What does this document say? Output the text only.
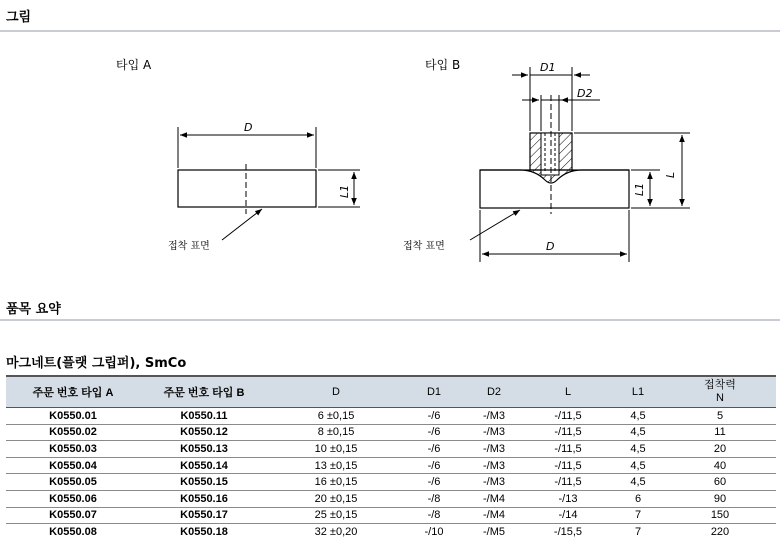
그림
타입 A	타입 B
D
L1
접착 표면
D1
D2
L
L1
D
접착 표면
품목 요약
마그네트(플랫 그립퍼), SmCo
주문 번호 타입 A	주문 번호 타입 B	D	D1	D2	L	L1	접착력
N

K0550.01	K0550.11	6 ±0,15	-/6	-/M3	-/11,5	4,5	5
K0550.02	K0550.12	8 ±0,15	-/6	-/M3	-/11,5	4,5	11
K0550.03	K0550.13	10 ±0,15	-/6	-/M3	-/11,5	4,5	20
K0550.04	K0550.14	13 ±0,15	-/6	-/M3	-/11,5	4,5	40
K0550.05	K0550.15	16 ±0,15	-/6	-/M3	-/11,5	4,5	60
K0550.06	K0550.16	20 ±0,15	-/8	-/M4	-/13	6	90
K0550.07	K0550.17	25 ±0,15	-/8	-/M4	-/14	7	150
K0550.08	K0550.18	32 ±0,20	-/10	-/M5	-/15,5	7	220
